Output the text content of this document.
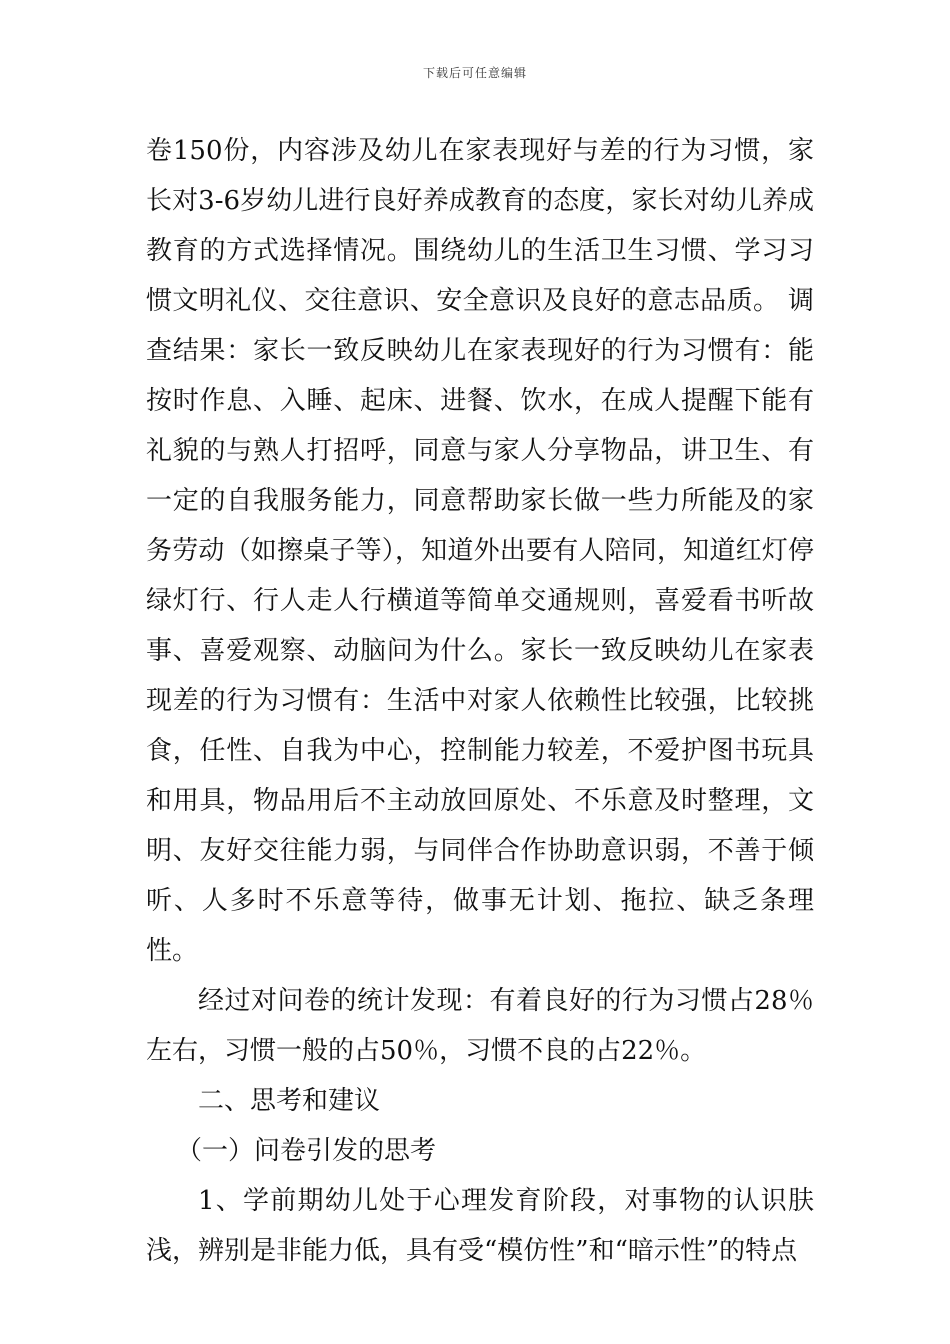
下载后可任意编辑

卷150份，内容涉及幼儿在家表现好与差的行为习惯，家长对3-6岁幼儿进行良好养成教育的态度，家长对幼儿养成教育的方式选择情况。围绕幼儿的生活卫生习惯、学习习惯文明礼仪、交往意识、安全意识及良好的意志品质。 调查结果：家长一致反映幼儿在家表现好的行为习惯有：能按时作息、入睡、起床、进餐、饮水，在成人提醒下能有礼貌的与熟人打招呼，同意与家人分享物品，讲卫生、有一定的自我服务能力，同意帮助家长做一些力所能及的家务劳动（如擦桌子等），知道外出要有人陪同，知道红灯停绿灯行、行人走人行横道等简单交通规则，喜爱看书听故事、喜爱观察、动脑问为什么。家长一致反映幼儿在家表现差的行为习惯有：生活中对家人依赖性比较强，比较挑食，任性、自我为中心，控制能力较差，不爱护图书玩具和用具，物品用后不主动放回原处、不乐意及时整理，文明、友好交往能力弱，与同伴合作协助意识弱，不善于倾听、人多时不乐意等待，做事无计划、拖拉、缺乏条理性。

经过对问卷的统计发现：有着良好的行为习惯占28％左右，习惯一般的占50％，习惯不良的占22％。

二、思考和建议

（一）问卷引发的思考

1、学前期幼儿处于心理发育阶段，对事物的认识肤浅，辨别是非能力低，具有受“模仿性”和“暗示性”的特点
